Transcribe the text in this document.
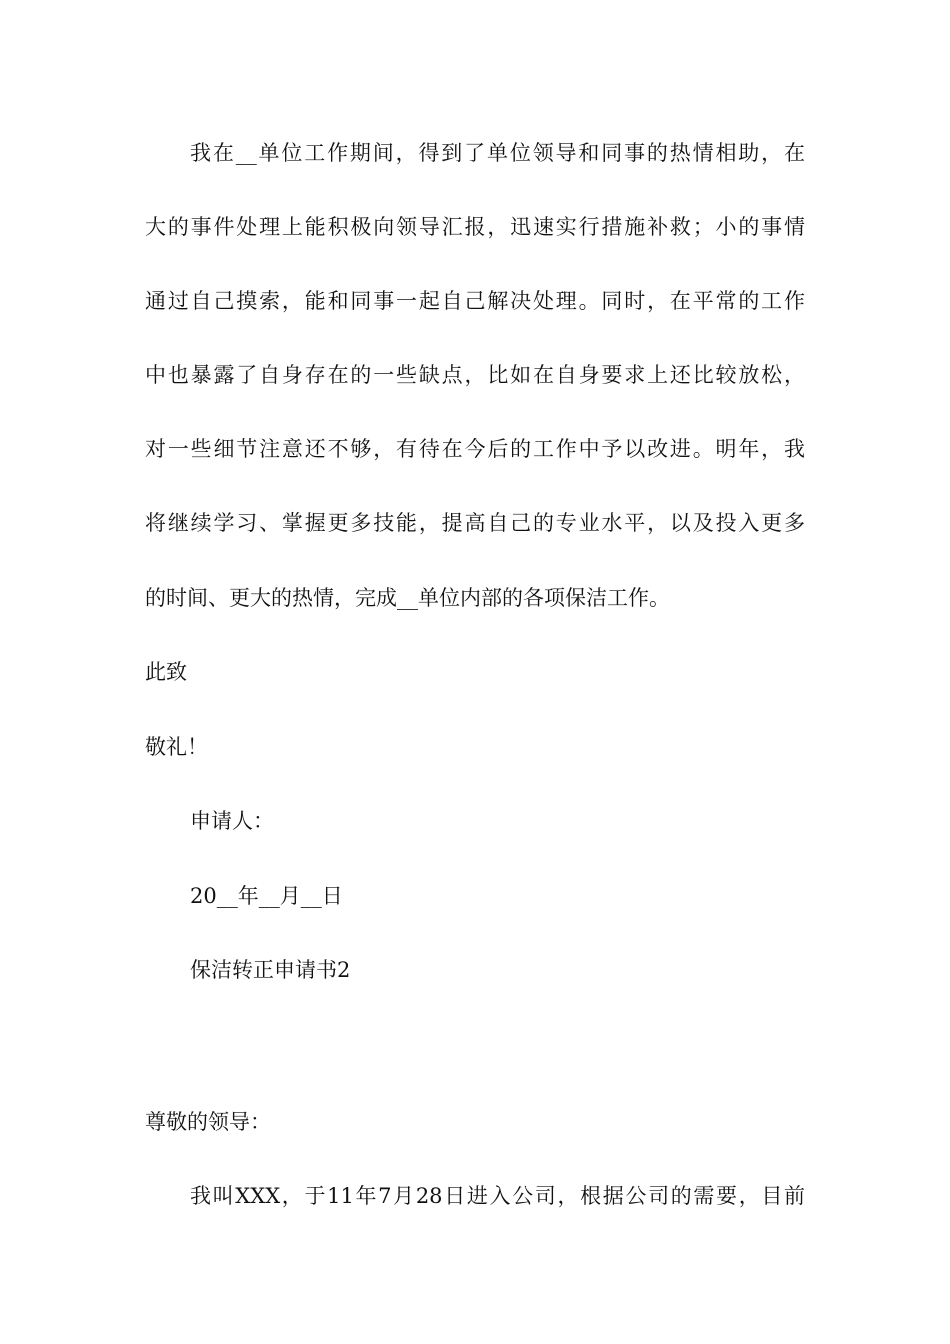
我在__单位工作期间，得到了单位领导和同事的热情相助，在
大的事件处理上能积极向领导汇报，迅速实行措施补救；小的事情
通过自己摸索，能和同事一起自己解决处理。同时，在平常的工作
中也暴露了自身存在的一些缺点，比如在自身要求上还比较放松，
对一些细节注意还不够，有待在今后的工作中予以改进。明年，我
将继续学习、掌握更多技能，提高自己的专业水平，以及投入更多
的时间、更大的热情，完成__单位内部的各项保洁工作。
此致
敬礼！
申请人：
20__年__月__日
保洁转正申请书2
尊敬的领导：
我叫XXX，于11年7月28日进入公司，根据公司的需要，目前
